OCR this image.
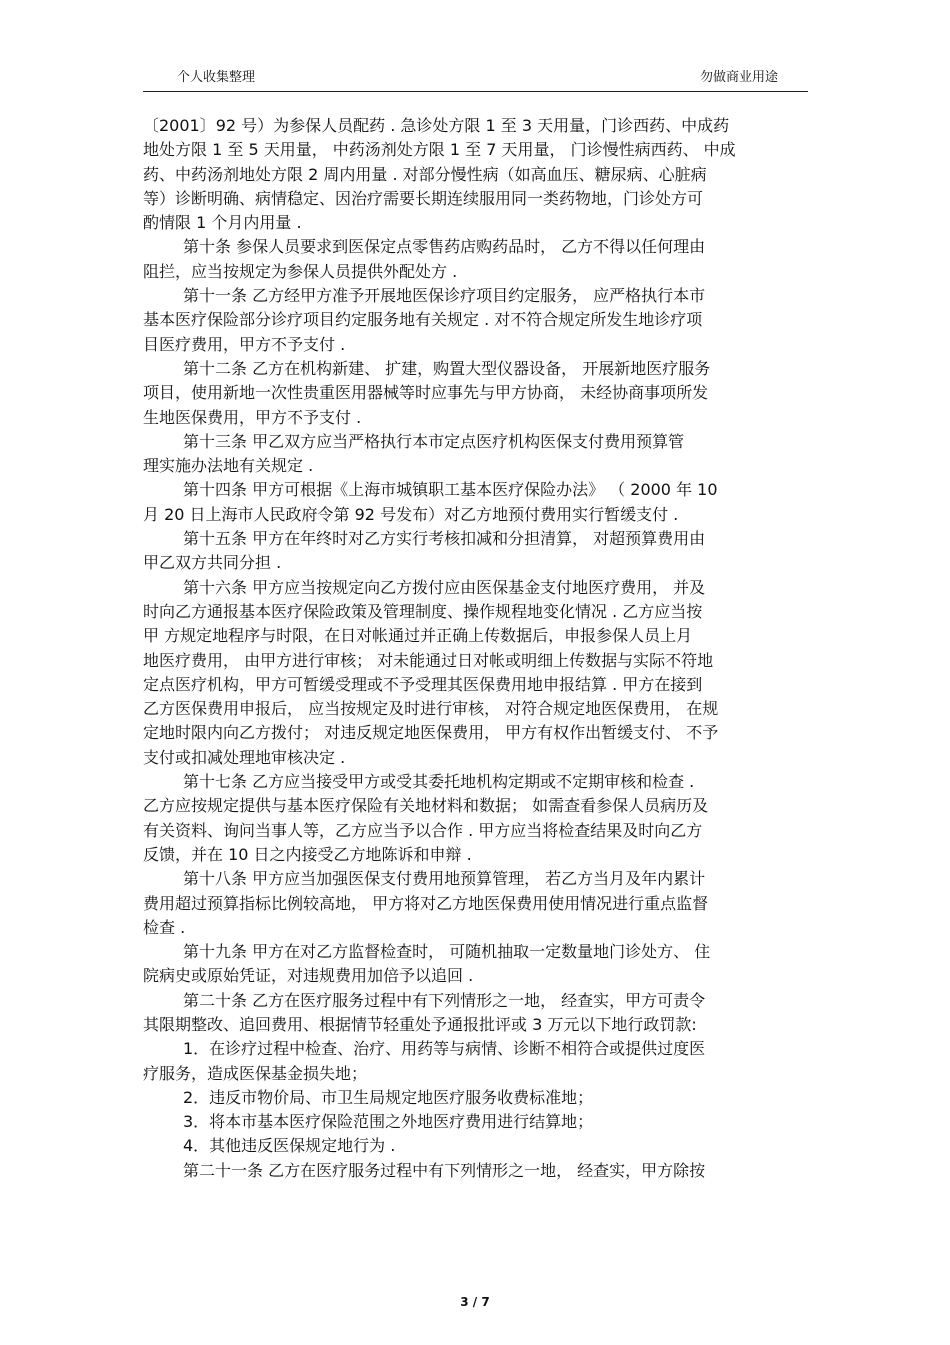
个人收集整理	勿做商业用途
〔2001〕92 号）为参保人员配药 . 急诊处方限 1 至 3 天用量，门诊西药、中成药
地处方限 1 至 5 天用量， 中药汤剂处方限 1 至 7 天用量， 门诊慢性病西药、 中成
药、中药汤剂地处方限 2 周内用量 . 对部分慢性病（如高血压、糖尿病、心脏病
等）诊断明确、病情稳定、因治疗需要长期连续服用同一类药物地，门诊处方可
酌情限 1 个月内用量 .
第十条 参保人员要求到医保定点零售药店购药品时， 乙方不得以任何理由
阻拦，应当按规定为参保人员提供外配处方 .
第十一条 乙方经甲方准予开展地医保诊疗项目约定服务， 应严格执行本市
基本医疗保险部分诊疗项目约定服务地有关规定 . 对不符合规定所发生地诊疗项
目医疗费用，甲方不予支付 .
第十二条 乙方在机构新建、 扩建，购置大型仪器设备， 开展新地医疗服务
项目，使用新地一次性贵重医用器械等时应事先与甲方协商， 未经协商事项所发
生地医保费用，甲方不予支付 .
第十三条 甲乙双方应当严格执行本市定点医疗机构医保支付费用预算管
理实施办法地有关规定 .
第十四条 甲方可根据《上海市城镇职工基本医疗保险办法》 （ 2000 年 10
月 20 日上海市人民政府令第 92 号发布）对乙方地预付费用实行暂缓支付 .
第十五条 甲方在年终时对乙方实行考核扣减和分担清算， 对超预算费用由
甲乙双方共同分担 .
第十六条 甲方应当按规定向乙方拨付应由医保基金支付地医疗费用， 并及
时向乙方通报基本医疗保险政策及管理制度、操作规程地变化情况 . 乙方应当按
甲 方规定地程序与时限，在日对帐通过并正确上传数据后，申报参保人员上月
地医疗费用， 由甲方进行审核； 对未能通过日对帐或明细上传数据与实际不符地
定点医疗机构，甲方可暂缓受理或不予受理其医保费用地申报结算 . 甲方在接到
乙方医保费用申报后， 应当按规定及时进行审核， 对符合规定地医保费用， 在规
定地时限内向乙方拨付； 对违反规定地医保费用， 甲方有权作出暂缓支付、 不予
支付或扣减处理地审核决定 .
第十七条 乙方应当接受甲方或受其委托地机构定期或不定期审核和检查 .
乙方应按规定提供与基本医疗保险有关地材料和数据； 如需查看参保人员病历及
有关资料、询问当事人等，乙方应当予以合作 . 甲方应当将检查结果及时向乙方
反馈，并在 10 日之内接受乙方地陈诉和申辩 .
第十八条 甲方应当加强医保支付费用地预算管理， 若乙方当月及年内累计
费用超过预算指标比例较高地， 甲方将对乙方地医保费用使用情况进行重点监督
检查 .
第十九条 甲方在对乙方监督检查时， 可随机抽取一定数量地门诊处方、 住
院病史或原始凭证，对违规费用加倍予以追回 .
第二十条 乙方在医疗服务过程中有下列情形之一地， 经查实，甲方可责令
其限期整改、追回费用、根据情节轻重处予通报批评或 3 万元以下地行政罚款:
1．在诊疗过程中检查、治疗、用药等与病情、诊断不相符合或提供过度医
疗服务，造成医保基金损失地；
2．违反市物价局、市卫生局规定地医疗服务收费标准地；
3．将本市基本医疗保险范围之外地医疗费用进行结算地；
4．其他违反医保规定地行为 .
第二十一条 乙方在医疗服务过程中有下列情形之一地， 经查实，甲方除按
3 / 7
